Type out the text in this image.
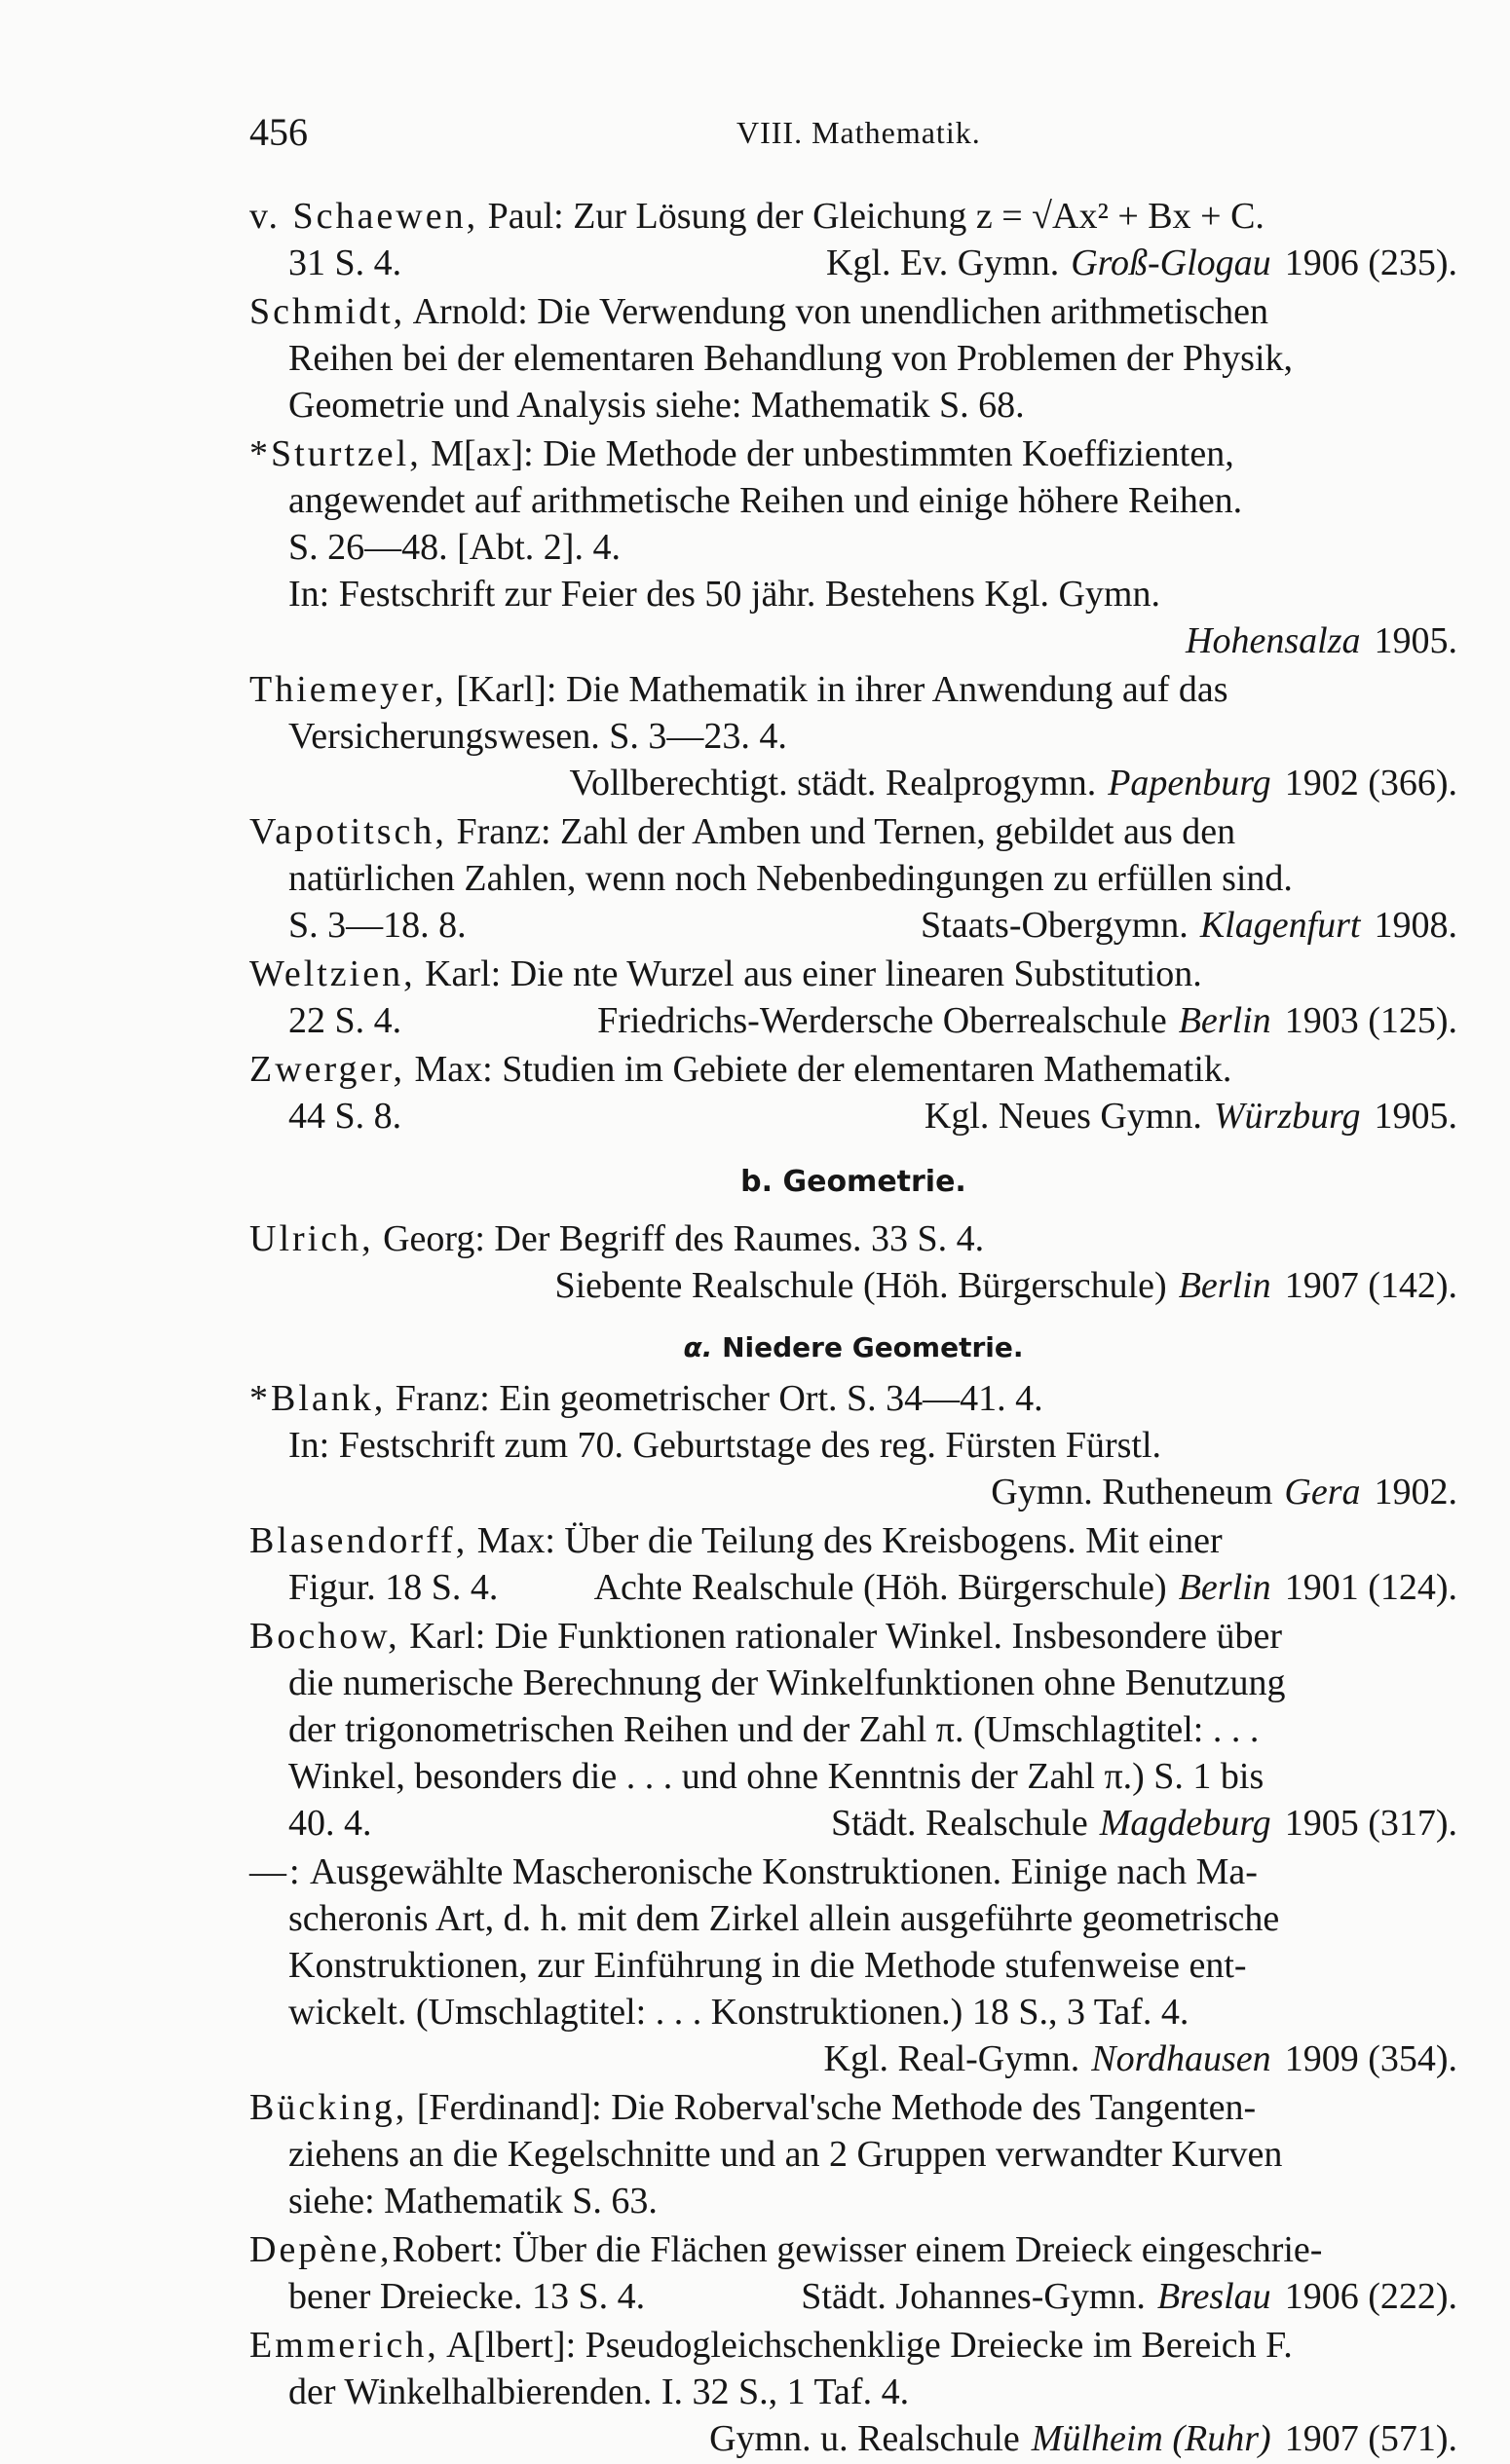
456	VIII. Mathematik.
v. Schaewen, Paul: Zur Lösung der Gleichung z = √Ax² + Bx + C.
31 S. 4.	Kgl. Ev. Gymn. Groß-Glogau 1906 (235).
Schmidt, Arnold: Die Verwendung von unendlichen arithmetischen
Reihen bei der elementaren Behandlung von Problemen der Physik,
Geometrie und Analysis siehe: Mathematik S. 68.
*Sturtzel, M[ax]: Die Methode der unbestimmten Koeffizienten,
angewendet auf arithmetische Reihen und einige höhere Reihen.
S. 26—48. [Abt. 2]. 4.
In: Festschrift zur Feier des 50 jähr. Bestehens Kgl. Gymn.
Hohensalza 1905.
Thiemeyer, [Karl]: Die Mathematik in ihrer Anwendung auf das
Versicherungswesen. S. 3—23. 4.
Vollberechtigt. städt. Realprogymn. Papenburg 1902 (366).
Vapotitsch, Franz: Zahl der Amben und Ternen, gebildet aus den
natürlichen Zahlen, wenn noch Nebenbedingungen zu erfüllen sind.
S. 3—18. 8.	Staats-Obergymn. Klagenfurt 1908.
Weltzien, Karl: Die nte Wurzel aus einer linearen Substitution.
22 S. 4.	Friedrichs-Werdersche Oberrealschule Berlin 1903 (125).
Zwerger, Max: Studien im Gebiete der elementaren Mathematik.
44 S. 8.	Kgl. Neues Gymn. Würzburg 1905.
b. Geometrie.
Ulrich, Georg: Der Begriff des Raumes. 33 S. 4.
Siebente Realschule (Höh. Bürgerschule) Berlin 1907 (142).
α. Niedere Geometrie.
*Blank, Franz: Ein geometrischer Ort. S. 34—41. 4.
In: Festschrift zum 70. Geburtstage des reg. Fürsten Fürstl.
Gymn. Rutheneum Gera 1902.
Blasendorff, Max: Über die Teilung des Kreisbogens. Mit einer
Figur. 18 S. 4.	Achte Realschule (Höh. Bürgerschule) Berlin 1901 (124).
Bochow, Karl: Die Funktionen rationaler Winkel. Insbesondere über
die numerische Berechnung der Winkelfunktionen ohne Benutzung
der trigonometrischen Reihen und der Zahl π. (Umschlagtitel: . . .
Winkel, besonders die . . . und ohne Kenntnis der Zahl π.) S. 1 bis
40. 4.	Städt. Realschule Magdeburg 1905 (317).
—: Ausgewählte Mascheronische Konstruktionen. Einige nach Ma-
scheronis Art, d. h. mit dem Zirkel allein ausgeführte geometrische
Konstruktionen, zur Einführung in die Methode stufenweise ent-
wickelt. (Umschlagtitel: . . . Konstruktionen.) 18 S., 3 Taf. 4.
Kgl. Real-Gymn. Nordhausen 1909 (354).
Bücking, [Ferdinand]: Die Roberval'sche Methode des Tangenten-
ziehens an die Kegelschnitte und an 2 Gruppen verwandter Kurven
siehe: Mathematik S. 63.
Depène, Robert: Über die Flächen gewisser einem Dreieck eingeschrie-
bener Dreiecke. 13 S. 4.	Städt. Johannes-Gymn. Breslau 1906 (222).
Emmerich, A[lbert]: Pseudogleichschenklige Dreiecke im Bereich F.
der Winkelhalbierenden. I. 32 S., 1 Taf. 4.
Gymn. u. Realschule Mülheim (Ruhr) 1907 (571).
